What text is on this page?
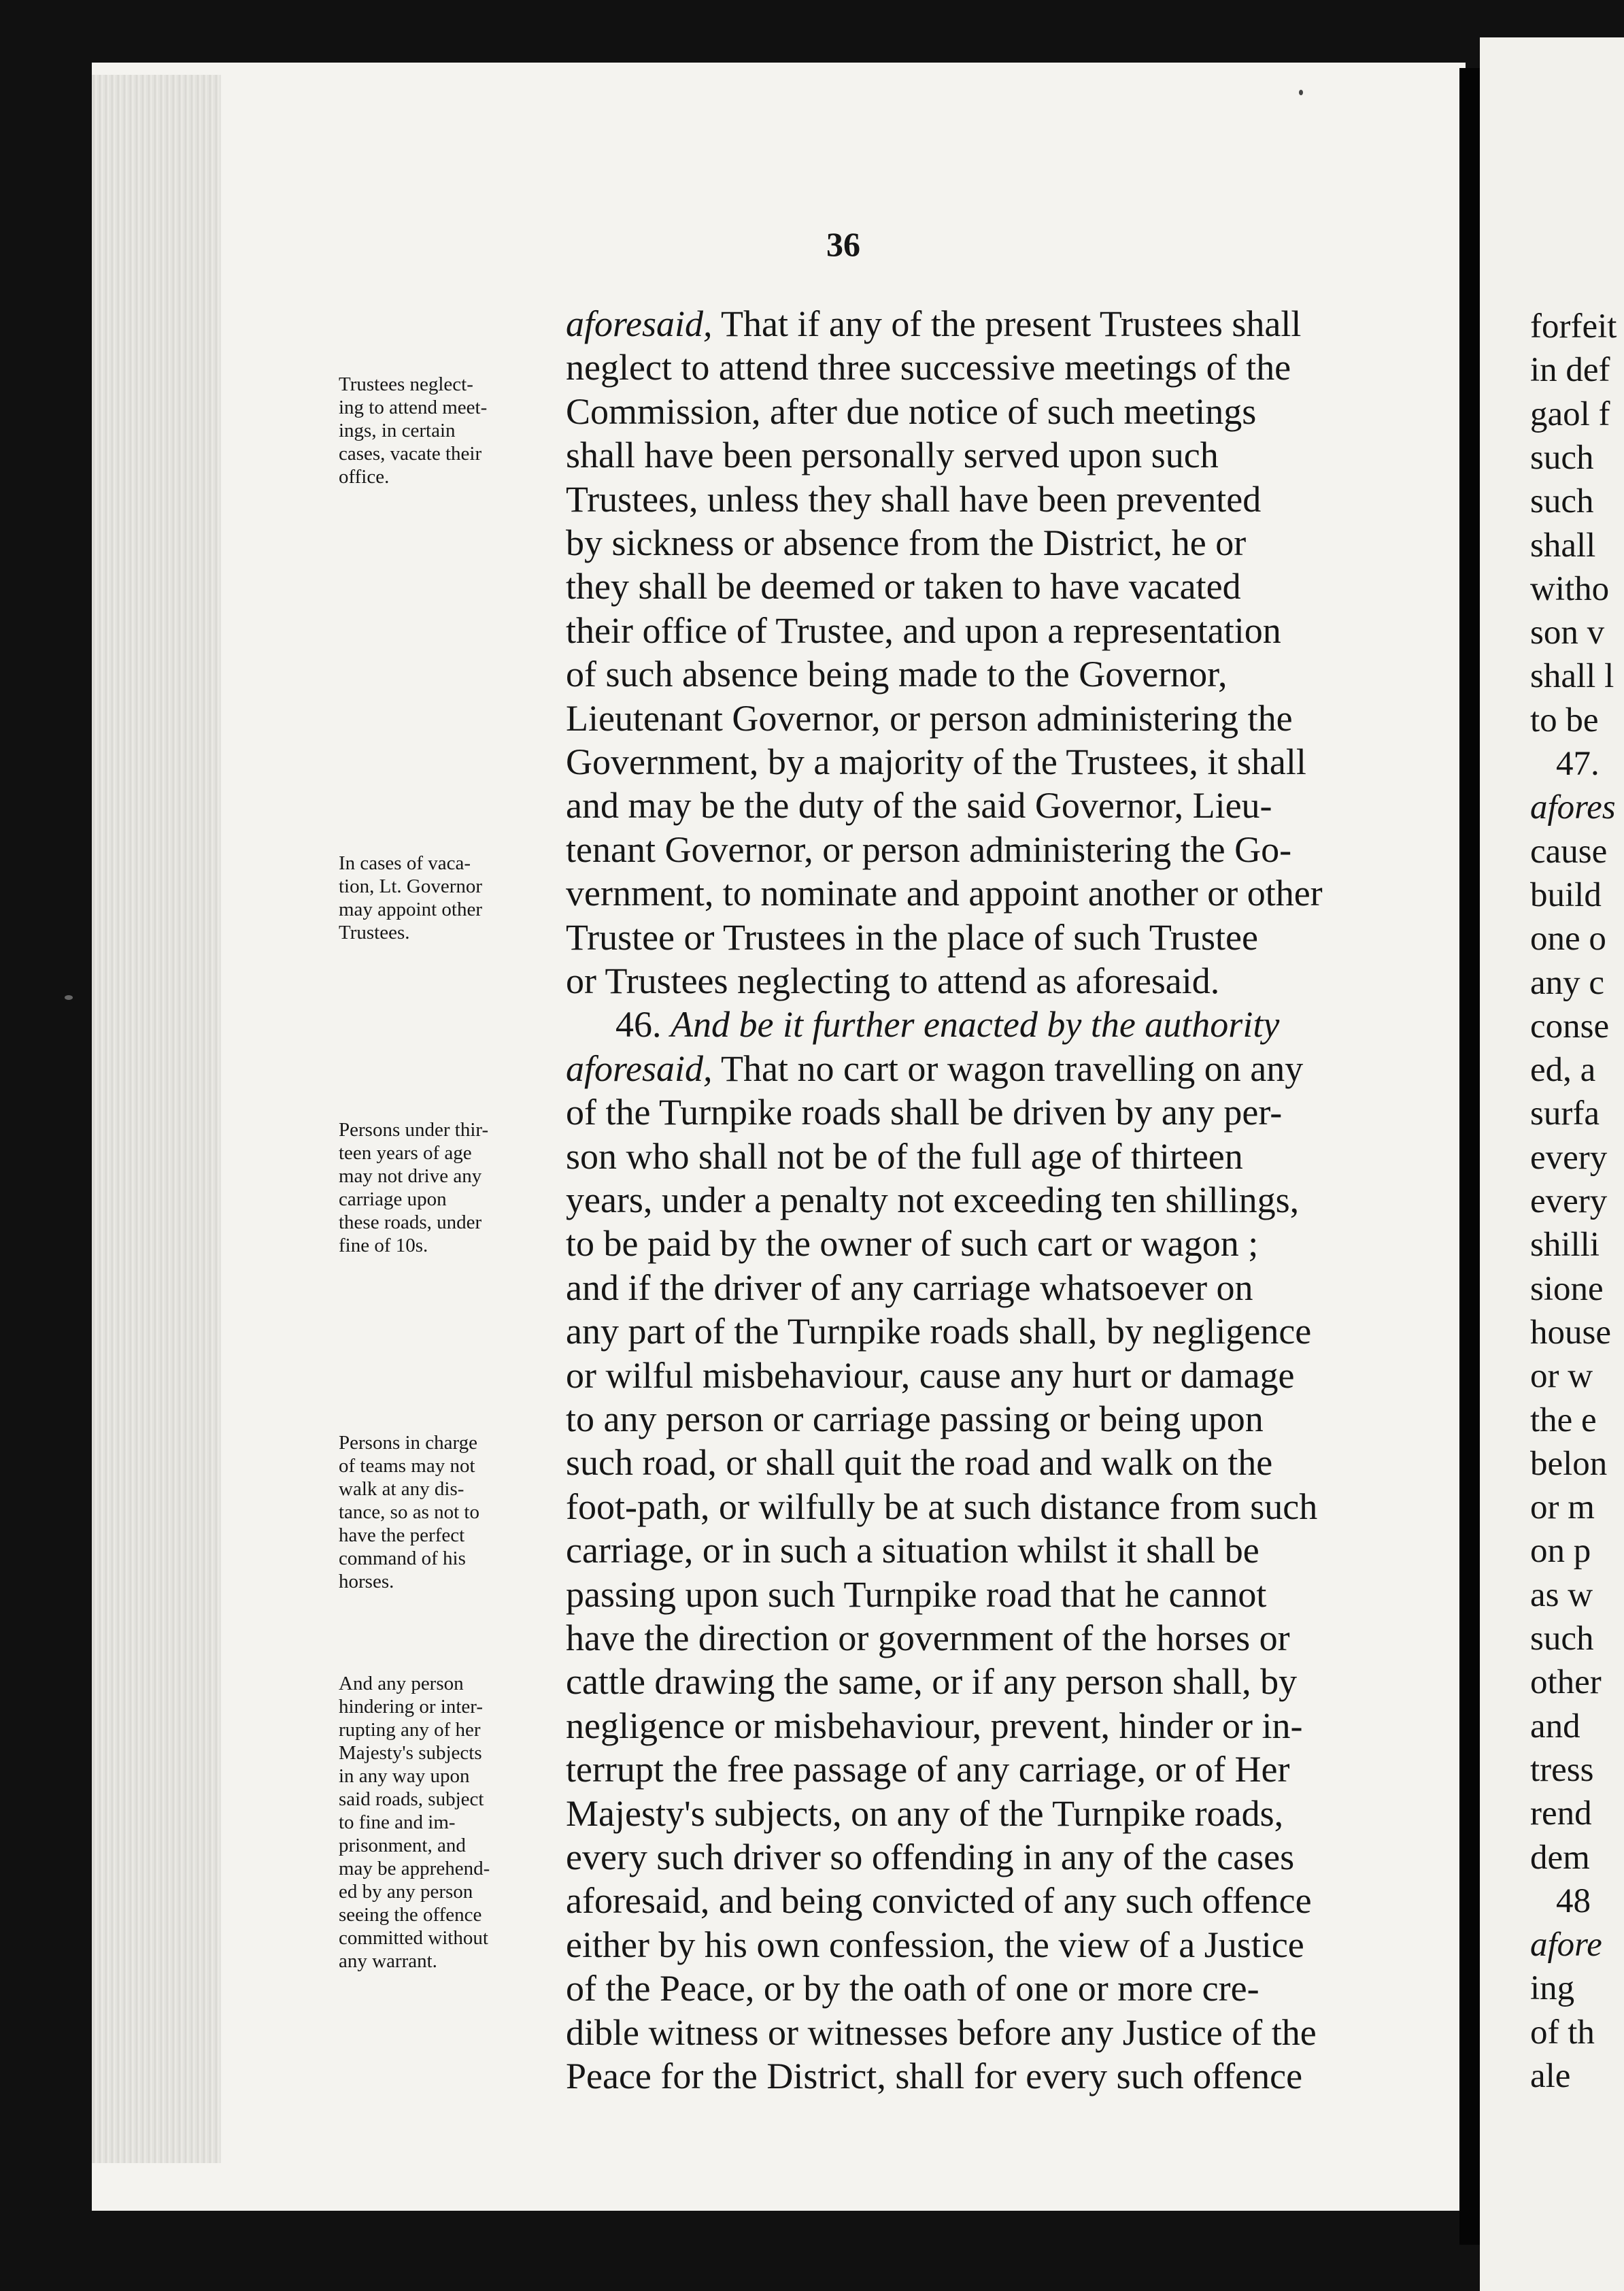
forfeit
in def
gaol f
such
such
shall
witho
son v
shall l
to be
47.
afores
cause
build
one o
any c
conse
ed, a
surfa
every
every
shilli
sione
house
or w
the e
belon
or m
on p
as w
such
other
and
tress
rend
dem
48
afore
ing
of th
ale
36
Trustees neglect-
ing to attend meet-
ings, in certain
cases, vacate their
office.
In cases of vaca-
tion, Lt. Governor
may appoint other
Trustees.
Persons under thir-
teen years of age
may not drive any
carriage upon
these roads, under
fine of 10s.
Persons in charge
of teams may not
walk at any dis-
tance, so as not to
have the perfect
command of his
horses.
And any person
hindering or inter-
rupting any of her
Majesty's subjects
in any way upon
said roads, subject
to fine and im-
prisonment, and
may be apprehend-
ed by any person
seeing the offence
committed without
any warrant.
aforesaid, That if any of the present Trustees shall
neglect to attend three successive meetings of the
Commission, after due notice of such meetings
shall have been personally served upon such
Trustees, unless they shall have been prevented
by sickness or absence from the District, he or
they shall be deemed or taken to have vacated
their office of Trustee, and upon a representation
of such absence being made to the Governor,
Lieutenant Governor, or person administering the
Government, by a majority of the Trustees, it shall
and may be the duty of the said Governor, Lieu-
tenant Governor, or person administering the Go-
vernment, to nominate and appoint another or other
Trustee or Trustees in the place of such Trustee
or Trustees neglecting to attend as aforesaid.
46. And be it further enacted by the authority
aforesaid, That no cart or wagon travelling on any
of the Turnpike roads shall be driven by any per-
son who shall not be of the full age of thirteen
years, under a penalty not exceeding ten shillings,
to be paid by the owner of such cart or wagon ;
and if the driver of any carriage whatsoever on
any part of the Turnpike roads shall, by negligence
or wilful misbehaviour, cause any hurt or damage
to any person or carriage passing or being upon
such road, or shall quit the road and walk on the
foot-path, or wilfully be at such distance from such
carriage, or in such a situation whilst it shall be
passing upon such Turnpike road that he cannot
have the direction or government of the horses or
cattle drawing the same, or if any person shall, by
negligence or misbehaviour, prevent, hinder or in-
terrupt the free passage of any carriage, or of Her
Majesty's subjects, on any of the Turnpike roads,
every such driver so offending in any of the cases
aforesaid, and being convicted of any such offence
either by his own confession, the view of a Justice
of the Peace, or by the oath of one or more cre-
dible witness or witnesses before any Justice of the
Peace for the District, shall for every such offence
